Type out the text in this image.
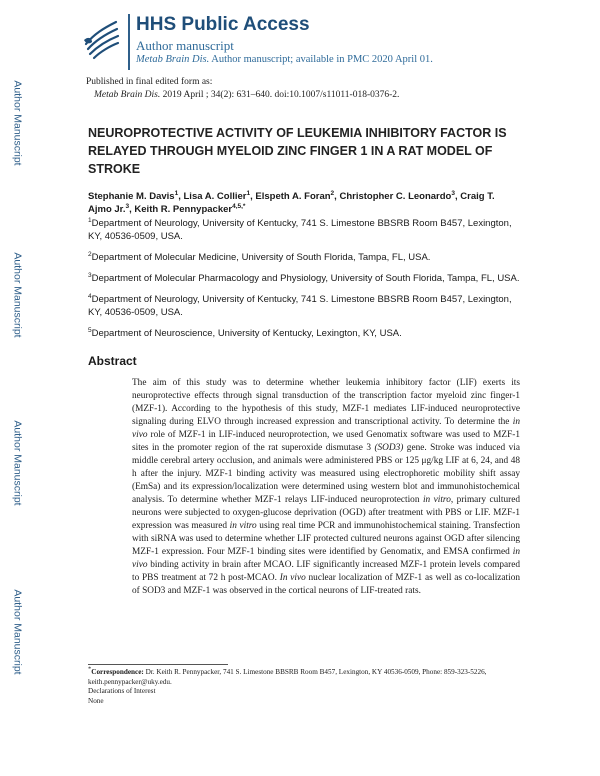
Author Manuscript
Author Manuscript
Author Manuscript
Author Manuscript
HHS Public Access
Author manuscript
Metab Brain Dis. Author manuscript; available in PMC 2020 April 01.
Published in final edited form as:
Metab Brain Dis. 2019 April ; 34(2): 631–640. doi:10.1007/s11011-018-0376-2.
NEUROPROTECTIVE ACTIVITY OF LEUKEMIA INHIBITORY FACTOR IS RELAYED THROUGH MYELOID ZINC FINGER 1 IN A RAT MODEL OF STROKE

Stephanie M. Davis$^1$, Lisa A. Collier$^1$, Elspeth A. Foran$^2$, Christopher C. Leonardo$^3$, Craig T. Ajmo Jr.$^3$, Keith R. Pennypacker$^{4,5,*}$

$^1$Department of Neurology, University of Kentucky, 741 S. Limestone BBSRB Room B457, Lexington, KY, 40536-0509, USA.

$^2$Department of Molecular Medicine, University of South Florida, Tampa, FL, USA.

$^3$Department of Molecular Pharmacology and Physiology, University of South Florida, Tampa, FL, USA.

$^4$Department of Neurology, University of Kentucky, 741 S. Limestone BBSRB Room B457, Lexington, KY, 40536-0509, USA.

$^5$Department of Neuroscience, University of Kentucky, Lexington, KY, USA.

Abstract

The aim of this study was to determine whether leukemia inhibitory factor (LIF) exerts its neuroprotective effects through signal transduction of the transcription factor myeloid zinc finger-1 (MZF-1). According to the hypothesis of this study, MZF-1 mediates LIF-induced neuroprotective signaling during ELVO through increased expression and transcriptional activity. To determine the in vivo role of MZF-1 in LIF-induced neuroprotection, we used Genomatix software was used to MZF-1 sites in the promoter region of the rat superoxide dismutase 3 (SOD3) gene. Stroke was induced via middle cerebral artery occlusion, and animals were administered PBS or 125 μg/kg LIF at 6, 24, and 48 h after the injury. MZF-1 binding activity was measured using electrophoretic mobility shift assay (EmSa) and its expression/localization were determined using western blot and immunohistochemical analysis. To determine whether MZF-1 relays LIF-induced neuroprotection in vitro, primary cultured neurons were subjected to oxygen-glucose deprivation (OGD) after treatment with PBS or LIF. MZF-1 expression was measured in vitro using real time PCR and immunohistochemical staining. Transfection with siRNA was used to determine whether LIF protected cultured neurons against OGD after silencing MZF-1 expression. Four MZF-1 binding sites were identified by Genomatix, and EMSA confirmed in vivo binding activity in brain after MCAO. LIF significantly increased MZF-1 protein levels compared to PBS treatment at 72 h post-MCAO. In vivo nuclear localization of MZF-1 as well as co-localization of SOD3 and MZF-1 was observed in the cortical neurons of LIF-treated rats.

*Correspondence: Dr. Keith R. Pennypacker, 741 S. Limestone BBSRB Room B457, Lexington, KY 40536-0509, Phone: 859-323-5226, keith.pennypacker@uky.edu.
Declarations of Interest
None
